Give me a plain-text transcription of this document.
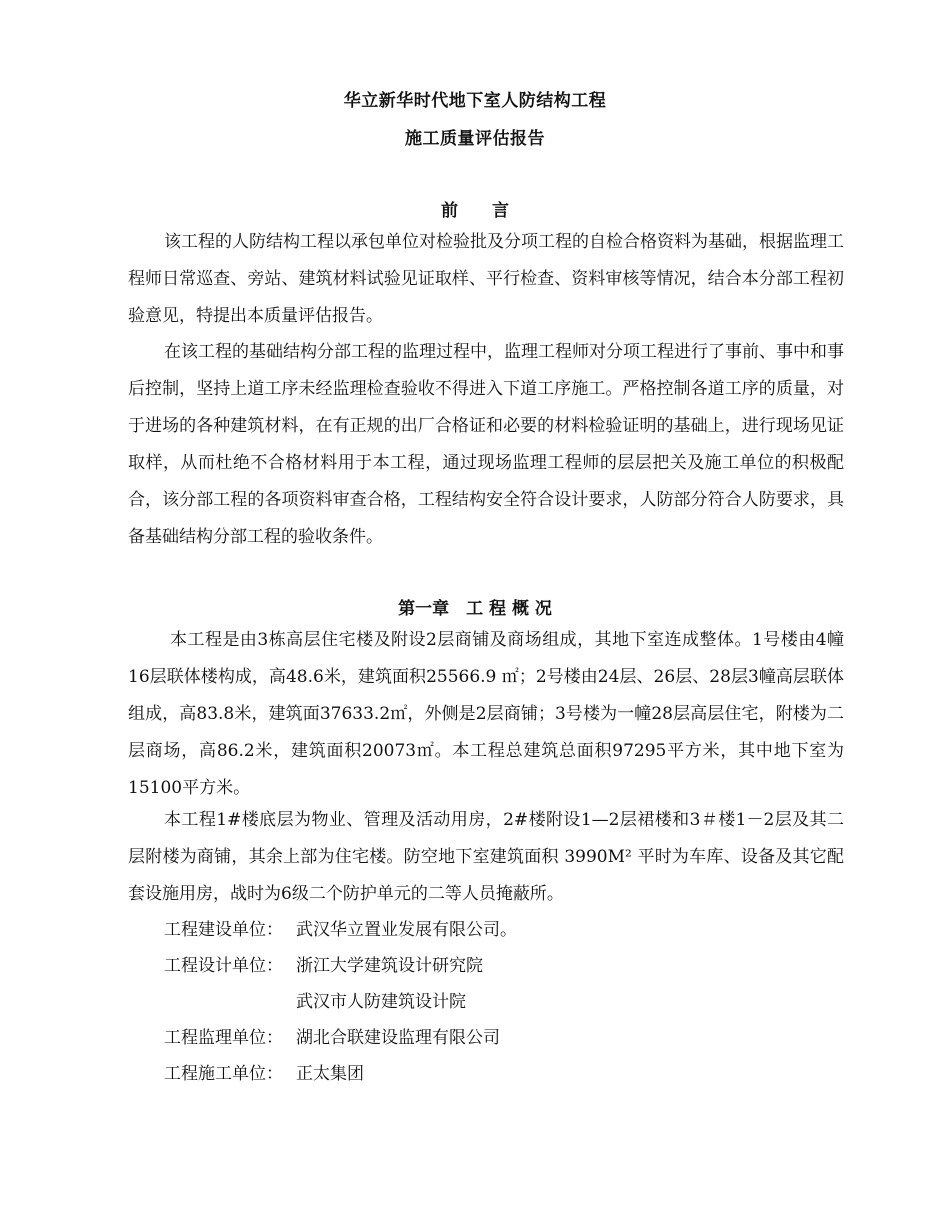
华立新华时代地下室人防结构工程
施工质量评估报告
前　　言
该工程的人防结构工程以承包单位对检验批及分项工程的自检合格资料为基础，根据监理工程师日常巡查、旁站、建筑材料试验见证取样、平行检查、资料审核等情况，结合本分部工程初验意见，特提出本质量评估报告。
在该工程的基础结构分部工程的监理过程中，监理工程师对分项工程进行了事前、事中和事后控制，坚持上道工序未经监理检查验收不得进入下道工序施工。严格控制各道工序的质量，对于进场的各种建筑材料，在有正规的出厂合格证和必要的材料检验证明的基础上，进行现场见证取样，从而杜绝不合格材料用于本工程，通过现场监理工程师的层层把关及施工单位的积极配合，该分部工程的各项资料审查合格，工程结构安全符合设计要求，人防部分符合人防要求，具备基础结构分部工程的验收条件。
第一章　工 程 概 况
本工程是由3栋高层住宅楼及附设2层商铺及商场组成，其地下室连成整体。1号楼由4幢16层联体楼构成，高48.6米，建筑面积25566.9 ㎡；2号楼由24层、26层、28层3幢高层联体组成，高83.8米，建筑面37633.2㎡，外侧是2层商铺；3号楼为一幢28层高层住宅，附楼为二层商场，高86.2米，建筑面积20073㎡。本工程总建筑总面积97295平方米，其中地下室为15100平方米。
本工程1#楼底层为物业、管理及活动用房，2#楼附设1—2层裙楼和3＃楼1－2层及其二层附楼为商铺，其余上部为住宅楼。防空地下室建筑面积 3990M² 平时为车库、设备及其它配套设施用房，战时为6级二个防护单元的二等人员掩蔽所。
工程建设单位： 武汉华立置业发展有限公司。
工程设计单位： 浙江大学建筑设计研究院
武汉市人防建筑设计院
工程监理单位： 湖北合联建设监理有限公司
工程施工单位： 正太集团
